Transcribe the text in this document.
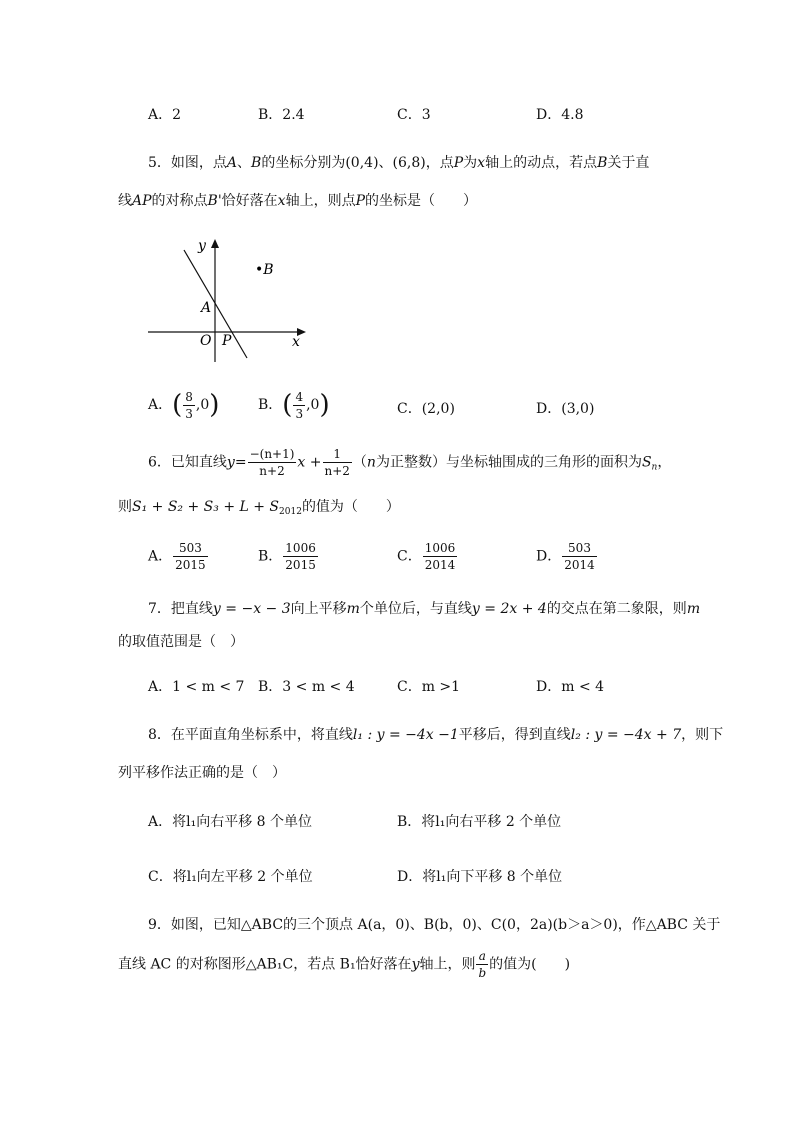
A．2	B．2.4	C．3	D．4.8
5．如图，点A、B的坐标分别为(0,4)、(6,8)，点P为x轴上的动点，若点B关于直
线AP的对称点B'恰好落在x轴上，则点P的坐标是（　　）
y
x
O
A
P
•B
A．( $\frac{8}{3} ,0$)	B．( $\frac{4}{3} ,0$)	C．(2,0)	D．(3,0)
6．已知直线$y= \frac{-(n+1)}{n+2}$ $x + \frac{1}{n+2} (n$为正整数）与坐标轴围成的三角形的面积为$S_n$，
则$S_1 + S_2 + S_3 + L + S_{2012}$的值为（　　）
A． $\frac{503}{2015}$	B． $\frac{1006}{2015}$	C． $\frac{1006}{2014}$	D． $\frac{503}{2014}$
7．把直线y = −x − 3向上平移m个单位后，与直线y = 2x + 4的交点在第二象限，则m
的取值范围是（　）
A．1 < m < 7 B．3 < m < 4	C．m >1	D．m < 4
8．在平面直角坐标系中，将直线l₁ : y = −4x −1平移后，得到直线l₂ : y = −4x + 7，则下
列平移作法正确的是（　）
A．将l₁向右平移 8 个单位	B．将l₁向右平移 2 个单位
C．将l₁向左平移 2 个单位	D．将l₁向下平移 8 个单位
9．如图，已知△ABC的三个顶点 A(a，0)、B(b，0)、C(0，2a)(b＞a＞0)，作△ABC 关于
直线 AC 的对称图形△AB₁C，若点 B₁恰好落在y轴上，则 $\frac{a}{b}$ 的值为(　　)
